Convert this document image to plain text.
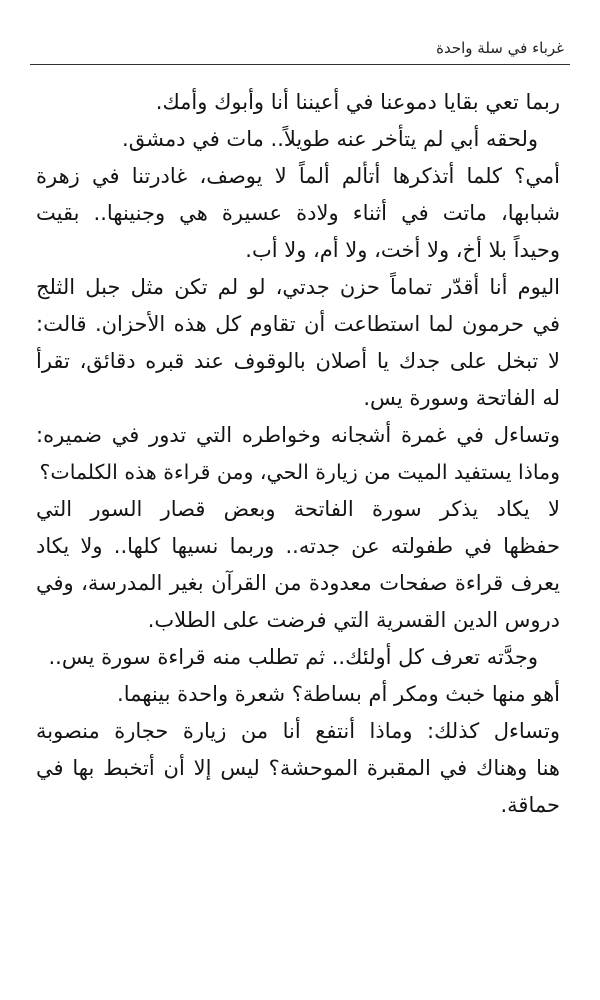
غرباء في سلة واحدة
ربما تعي بقايا دموعنا في أعيننا أنا وأبوك وأمك.
ولحقه أبي لم يتأخر عنه طويلاً.. مات في دمشق.
أمي؟ كلما أتذكرها أتألم ألماً لا يوصف، غادرتنا في زهرة
شبابها، ماتت في أثناء ولادة عسيرة هي وجنينها.. بقيت
وحيداً بلا أخ، ولا أخت، ولا أم، ولا أب.
اليوم أنا أقدّر تماماً حزن جدتي، لو لم تكن مثل جبل الثلج
في حرمون لما استطاعت أن تقاوم كل هذه الأحزان. قالت:
لا تبخل على جدك يا أصلان بالوقوف عند قبره دقائق، تقرأ
له الفاتحة وسورة يس.
وتساءل في غمرة أشجانه وخواطره التي تدور في ضميره:
وماذا يستفيد الميت من زيارة الحي، ومن قراءة هذه الكلمات؟
لا يكاد يذكر سورة الفاتحة وبعض قصار السور التي
حفظها في طفولته عن جدته.. وربما نسيها كلها.. ولا يكاد
يعرف قراءة صفحات معدودة من القرآن بغير المدرسة، وفي
دروس الدين القسرية التي فرضت على الطلاب.
وجدَّته تعرف كل أولئك.. ثم تطلب منه قراءة سورة يس..
أهو منها خبث ومكر أم بساطة؟ شعرة واحدة بينهما.
وتساءل كذلك: وماذا أنتفع أنا من زيارة حجارة منصوبة
هنا وهناك في المقبرة الموحشة؟ ليس إلا أن أتخبط بها في
حماقة.
